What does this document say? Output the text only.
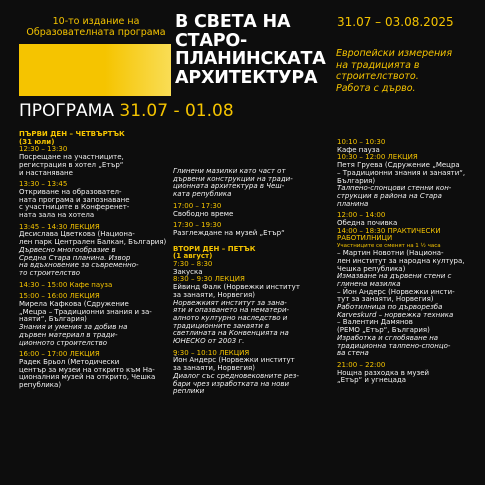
10-то издание на
Образователната програма
В СВЕТА НА
СТАРО-
ПЛАНИНСКАТА
АРХИТЕКТУРА
31.07 – 03.08.2025
Европейски измерения
на традицията в
строителството.
Работа с дърво.
ПРОГРАМА 31.07 - 01.08
ПЪРВИ ДЕН – ЧЕТВЪРТЪК
(31 юли)
12:30 – 13:30
Посрещане на участниците,
регистрация в хотел „Етър“
и настаняване
13:30 – 13:45
Откриване на образовател-
ната програма и запознаване
с участниците в Конференет-
ната зала на хотела
13:45 – 14:30 ЛЕКЦИЯ
Десислава Цветкова (Национа-
лен парк Централен Балкан, България)
Дървесно многообразие в
Средна Стара планина. Извор
на вдъхновение за съвременно-
то строителство
14:30 – 15:00 Кафе пауза
15:00 – 16:00 ЛЕКЦИЯ
Мирела Кафкова (Сдружение
„Мецра – Традиционни знания и за-
наяти“, България)
Знания и умения за добив на
дървен материал в тради-
ционното строителство
16:00 – 17:00 ЛЕКЦИЯ
Радек Брьол (Методически
център за музеи на открито към На-
ционалния музей на открито, Чешка
република)
Глинени мазилки като част от
дървени конструкции на тради-
ционната архитектура в Чеш-
ката република
17:00 – 17:30
Свободно време
17:30 – 19:30
Разглеждане на музей „Етър“
ВТОРИ ДЕН – ПЕТЪК
(1 август)
7:30 – 8:30
Закуска
8:30 – 9:30 ЛЕКЦИЯ
Ейвинд Фалк (Норвежки институт
за занаяти, Норвегия)
Норвежкият институт за зана-
яти и опазването на нематери-
алното културно наследство и
традиционните занаяти в
светлината на Конвенцията на
ЮНЕСКО от 2003 г.
9:30 – 10:10 ЛЕКЦИЯ
Йон Андерс (Норвежки институт
за занаяти, Норвегия)
Диалог със средновековните рез-
бари чрез изработката на нови
реплики
10:10 – 10:30
Кафе пауза
10:30 – 12:00 ЛЕКЦИЯ
Петя Груева (Сдружение „Мецра
– Традиционни знания и занаяти“,
България)
Талпено-спонцови стенни кон-
струкции в района на Стара
планина
12:00 – 14:00
Обедна почивка
14:00 – 18:30 ПРАКТИЧЕСКИ
РАБОТИЛНИЦИ
Участниците се сменят на 1 ½ часа
– Мартин Новотни (Национа-
лен институт за народна култура,
Чешка република)
Измазване на дървени стени с
глинена мазилка
– Йон Андерс (Норвежки инсти-
тут за занаяти, Норвегия)
Работилница по дърворезба
Karveskurd – норвежка техника
– Валентин Дамянов
(РЕМО „Етър“, България)
Изработка и сглобяване на
традиционна талпено-спонцо-
ва стена
21:00 – 22:00
Нощна разходка в музей
„Етър“ и угнецада
